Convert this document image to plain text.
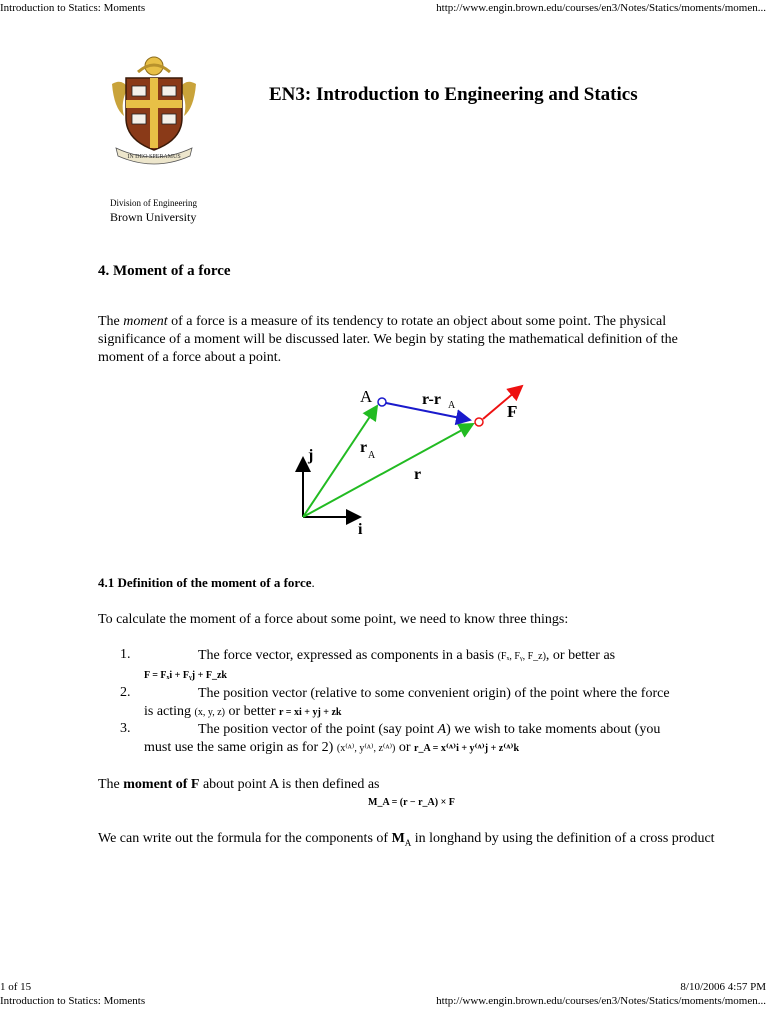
Introduction to Statics: Moments	http://www.engin.brown.edu/courses/en3/Notes/Statics/moments/momen...
1 of 15	8/10/2006 4:57 PM
Introduction to Statics: Moments	http://www.engin.brown.edu/courses/en3/Notes/Statics/moments/momen...
IN DEO SPERAMUS
Division of Engineering
Brown University
EN3: Introduction to Engineering and Statics
4. Moment of a force
The moment of a force is a measure of its tendency to rotate an object about some point. The physical significance of a moment will be discussed later. We begin by stating the mathematical definition of the moment of a force about a point.
A	r-r A	F
r A
r
j
i
4.1 Definition of the moment of a force.
To calculate the moment of a force about some point, we need to know three things:
1.	The force vector, expressed as components in a basis (Fₓ, Fᵧ, F_z), or better as
F = Fₓi + Fᵧj + F_zk
2.	The position vector (relative to some convenient origin) of the point where the force
is acting (x, y, z) or better r = xi + yj + zk
3.	The position vector of the point (say point A) we wish to take moments about (you
must use the same origin as for 2) (x⁽ᴬ⁾, y⁽ᴬ⁾, z⁽ᴬ⁾) or r_A = x⁽ᴬ⁾i + y⁽ᴬ⁾j + z⁽ᴬ⁾k
The moment of F about point A is then defined as
M_A = (r − r_A) × F
We can write out the formula for the components of $M_A$ in longhand by using the definition of a cross product
